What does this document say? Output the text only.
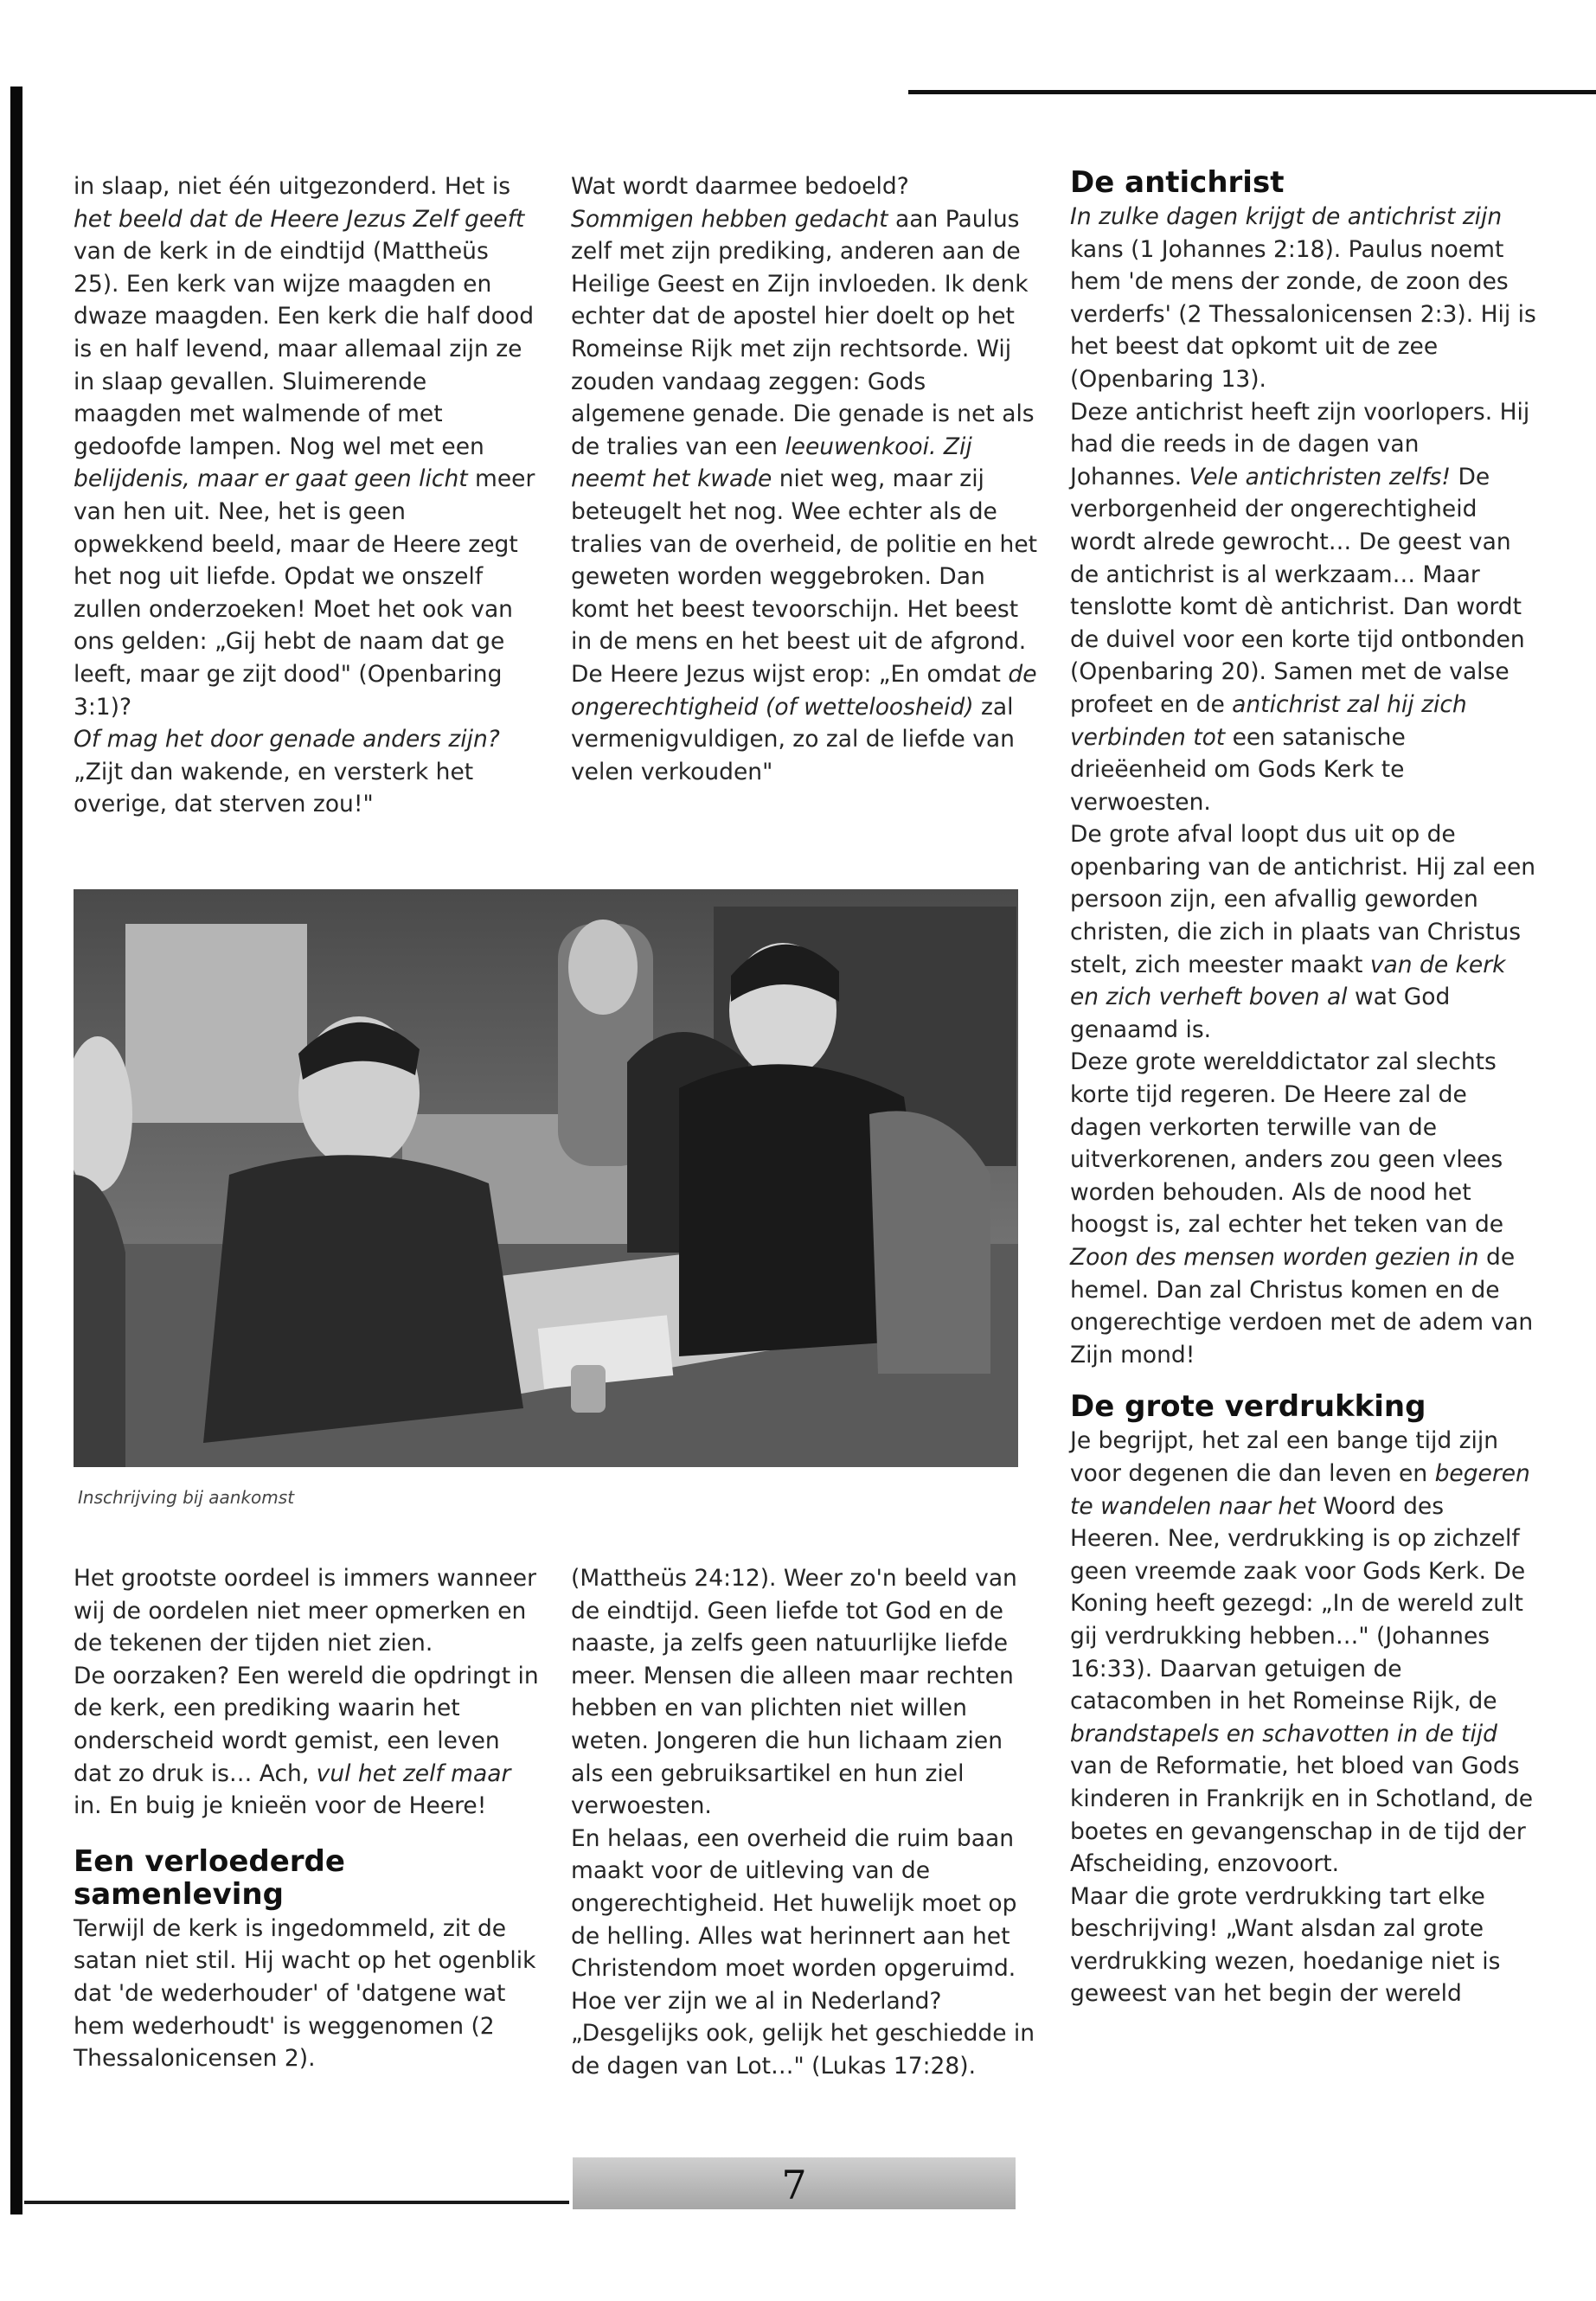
in slaap, niet één uitgezonderd. Het is het beeld dat de Heere Jezus Zelf geeft van de kerk in de eindtijd (Mattheüs 25). Een kerk van wijze maagden en dwaze maagden. Een kerk die half dood is en half levend, maar allemaal zijn ze in slaap gevallen. Sluimerende maagden met walmende of met gedoofde lampen. Nog wel met een belijdenis, maar er gaat geen licht meer van hen uit. Nee, het is geen opwekkend beeld, maar de Heere zegt het nog uit liefde. Opdat we onszelf zullen onderzoeken! Moet het ook van ons gelden: „Gij hebt de naam dat ge leeft, maar ge zijt dood" (Openbaring 3:1)?

Of mag het door genade anders zijn? „Zijt dan wakende, en versterk het overige, dat sterven zou!"

Wat wordt daarmee bedoeld? Sommigen hebben gedacht aan Paulus zelf met zijn prediking, anderen aan de Heilige Geest en Zijn invloeden. Ik denk echter dat de apostel hier doelt op het Romeinse Rijk met zijn rechtsorde. Wij zouden vandaag zeggen: Gods algemene genade. Die genade is net als de tralies van een leeuwenkooi. Zij neemt het kwade niet weg, maar zij beteugelt het nog. Wee echter als de tralies van de overheid, de politie en het geweten worden weggebroken. Dan komt het beest tevoorschijn. Het beest in de mens en het beest uit de afgrond.

De Heere Jezus wijst erop: „En omdat de ongerechtigheid (of wetteloosheid) zal vermenigvuldigen, zo zal de liefde van velen verkouden"

De antichrist

In zulke dagen krijgt de antichrist zijn kans (1 Johannes 2:18). Paulus noemt hem 'de mens der zonde, de zoon des verderfs' (2 Thessalonicensen 2:3). Hij is het beest dat opkomt uit de zee (Openbaring 13).

Deze antichrist heeft zijn voorlopers. Hij had die reeds in de dagen van Johannes. Vele antichristen zelfs! De verborgenheid der ongerechtigheid wordt alrede gewrocht… De geest van de antichrist is al werkzaam… Maar tenslotte komt dè antichrist. Dan wordt de duivel voor een korte tijd ontbonden (Openbaring 20). Samen met de valse profeet en de antichrist zal hij zich verbinden tot een satanische drieëenheid om Gods Kerk te verwoesten.

De grote afval loopt dus uit op de openbaring van de antichrist. Hij zal een persoon zijn, een afvallig geworden christen, die zich in plaats van Christus stelt, zich meester maakt van de kerk en zich verheft boven al wat God genaamd is.

Deze grote werelddictator zal slechts korte tijd regeren. De Heere zal de dagen verkorten terwille van de uitverkorenen, anders zou geen vlees worden behouden. Als de nood het hoogst is, zal echter het teken van de Zoon des mensen worden gezien in de hemel. Dan zal Christus komen en de ongerechtige verdoen met de adem van Zijn mond!

De grote verdrukking

Je begrijpt, het zal een bange tijd zijn voor degenen die dan leven en begeren te wandelen naar het Woord des Heeren. Nee, verdrukking is op zichzelf geen vreemde zaak voor Gods Kerk. De Koning heeft gezegd: „In de wereld zult gij verdrukking hebben…" (Johannes 16:33). Daarvan getuigen de catacomben in het Romeinse Rijk, de brandstapels en schavotten in de tijd van de Reformatie, het bloed van Gods kinderen in Frankrijk en in Schotland, de boetes en gevangenschap in de tijd der Afscheiding, enzovoort.

Maar die grote verdrukking tart elke beschrijving! „Want alsdan zal grote verdrukking wezen, hoedanige niet is geweest van het begin der wereld

Inschrijving bij aankomst

Het grootste oordeel is immers wanneer wij de oordelen niet meer opmerken en de tekenen der tijden niet zien.

De oorzaken? Een wereld die opdringt in de kerk, een prediking waarin het onderscheid wordt gemist, een leven dat zo druk is… Ach, vul het zelf maar in. En buig je knieën voor de Heere!

Een verloederde samenleving

Terwijl de kerk is ingedommeld, zit de satan niet stil. Hij wacht op het ogenblik dat 'de wederhouder' of 'datgene wat hem wederhoudt' is weggenomen (2 Thessalonicensen 2).

(Mattheüs 24:12). Weer zo'n beeld van de eindtijd. Geen liefde tot God en de naaste, ja zelfs geen natuurlijke liefde meer. Mensen die alleen maar rechten hebben en van plichten niet willen weten. Jongeren die hun lichaam zien als een gebruiksartikel en hun ziel verwoesten.

En helaas, een overheid die ruim baan maakt voor de uitleving van de ongerechtigheid. Het huwelijk moet op de helling. Alles wat herinnert aan het Christendom moet worden opgeruimd. Hoe ver zijn we al in Nederland? „Desgelijks ook, gelijk het geschiedde in de dagen van Lot…" (Lukas 17:28).

7
